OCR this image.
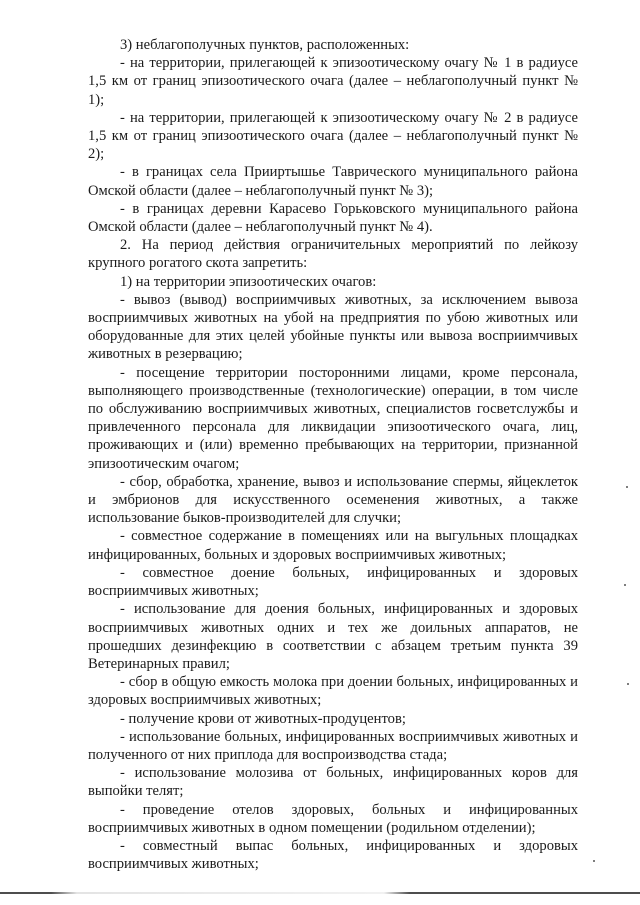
3) неблагополучных пунктов, расположенных:

- на территории, прилегающей к эпизоотическому очагу № 1 в радиусе 1,5 км от границ эпизоотического очага (далее – неблагополучный пункт № 1);

- на территории, прилегающей к эпизоотическому очагу № 2 в радиусе 1,5 км от границ эпизоотического очага (далее – неблагополучный пункт № 2);

- в границах села Прииртышье Таврического муниципального района Омской области (далее – неблагополучный пункт № 3);

- в границах деревни Карасево Горьковского муниципального района Омской области (далее – неблагополучный пункт № 4).

2. На период действия ограничительных мероприятий по лейкозу крупного рогатого скота запретить:

1) на территории эпизоотических очагов:

- вывоз (вывод) восприимчивых животных, за исключением вывоза восприимчивых животных на убой на предприятия по убою животных или оборудованные для этих целей убойные пункты или вывоза восприимчивых животных в резервацию;

- посещение территории посторонними лицами, кроме персонала, выполняющего производственные (технологические) операции, в том числе по обслуживанию восприимчивых животных, специалистов госветслужбы и привлеченного персонала для ликвидации эпизоотического очага, лиц, проживающих и (или) временно пребывающих на территории, признанной эпизоотическим очагом;

- сбор, обработка, хранение, вывоз и использование спермы, яйцеклеток и эмбрионов для искусственного осеменения животных, а также использование быков-производителей для случки;

- совместное содержание в помещениях или на выгульных площадках инфицированных, больных и здоровых восприимчивых животных;

- совместное доение больных, инфицированных и здоровых восприимчивых животных;

- использование для доения больных, инфицированных и здоровых восприимчивых животных одних и тех же доильных аппаратов, не прошедших дезинфекцию в соответствии с абзацем третьим пункта 39 Ветеринарных правил;

- сбор в общую емкость молока при доении больных, инфицированных и здоровых восприимчивых животных;

- получение крови от животных-продуцентов;

- использование больных, инфицированных восприимчивых животных и полученного от них приплода для воспроизводства стада;

- использование молозива от больных, инфицированных коров для выпойки телят;

- проведение отелов здоровых, больных и инфицированных восприимчивых животных в одном помещении (родильном отделении);

- совместный выпас больных, инфицированных и здоровых восприимчивых животных;
